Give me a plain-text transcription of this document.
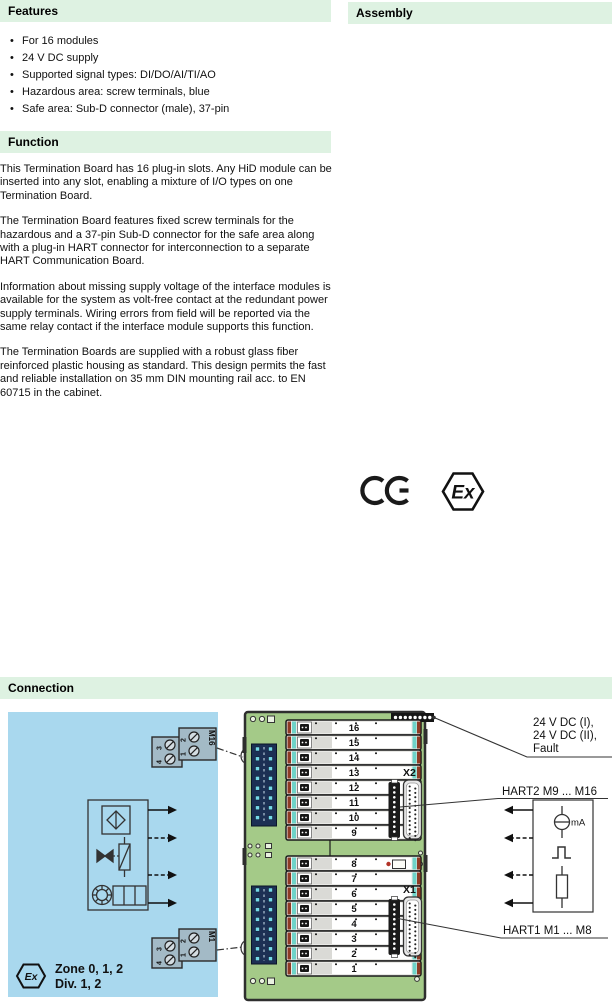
Features	Assembly
• For 16 modules
• 24 V DC supply
• Supported signal types: DI/DO/AI/TI/AO
• Hazardous area: screw terminals, blue
• Safe area: Sub-D connector (male), 37-pin
Function
This Termination Board has 16 plug-in slots. Any HiD module can be inserted into any slot, enabling a mixture of I/O types on one Termination Board.
The Termination Board features fixed screw terminals for the hazardous and a 37-pin Sub-D connector for the safe area along with a plug-in HART connector for interconnection to a separate HART Communication Board.
Information about missing supply voltage of the interface modules is available for the system as volt-free contact at the redundant power supply terminals. Wiring errors from field will be reported via the same relay contact if the interface module supports this function.
The Termination Boards are supplied with a robust glass fiber reinforced plastic housing as standard. This design permits the fast and reliable installation on 35 mm DIN mounting rail acc. to EN 60715 in the cabinet.
Ex
Connection
3
4
2
1
M16
3
4
2
1
M1
Ex
Zone 0, 1, 2
Div. 1, 2
16
15
14
13
12
11
10
9
8
7
6
5
4
3
2
1
X2
X1
24 V DC (I),
24 V DC (II),
Fault
HART2 M9 ... M16
HART1 M1 ... M8
mA
